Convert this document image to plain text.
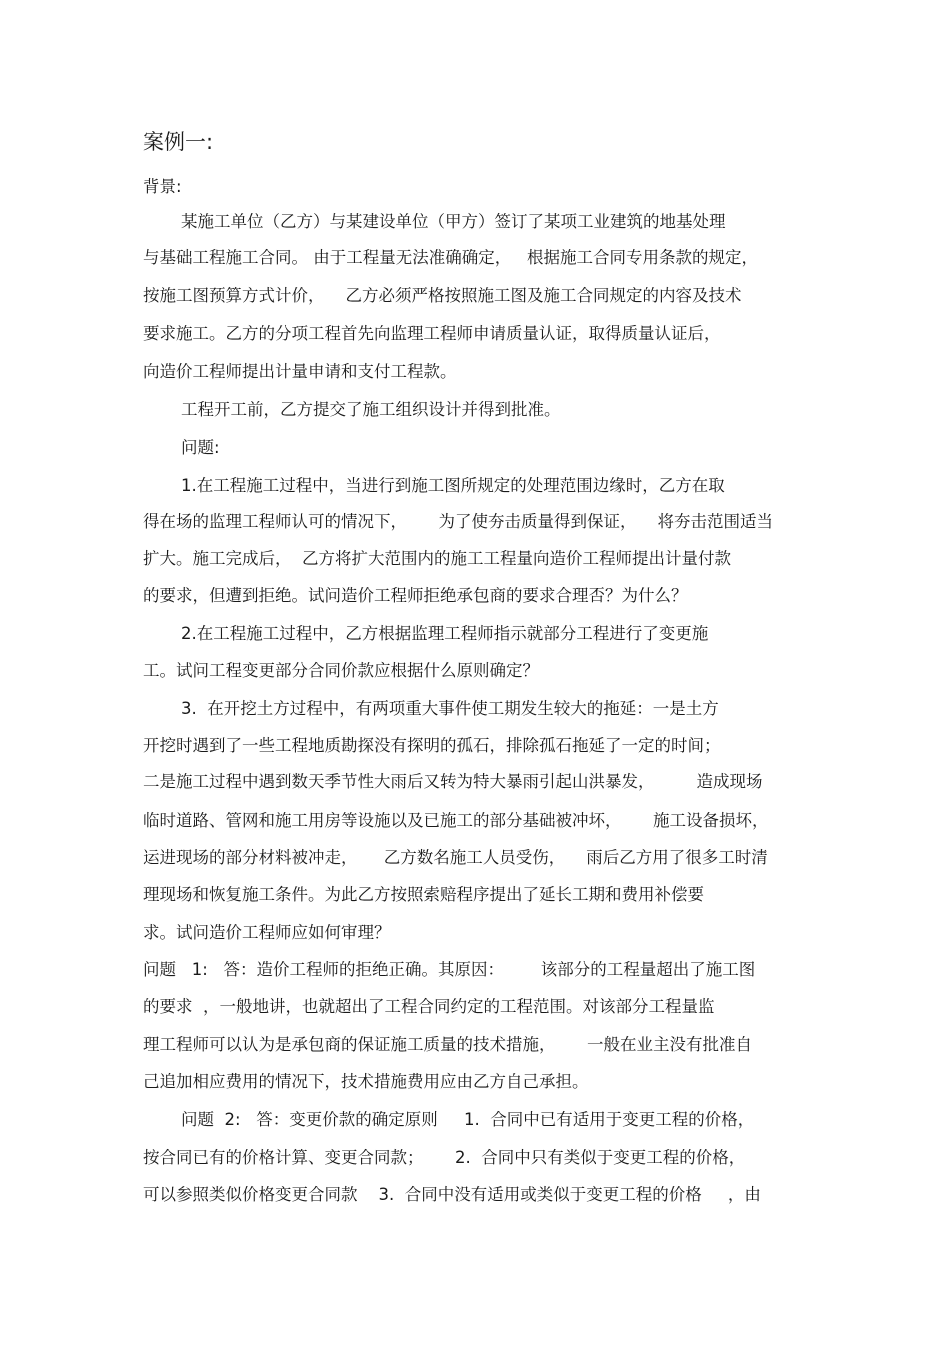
案例一:
背景:
某施工单位（乙方）与某建设单位（甲方）签订了某项工业建筑的地基处理
与基础工程施工合同。 由于工程量无法准确确定，   根据施工合同专用条款的规定，
按施工图预算方式计价，    乙方必须严格按照施工图及施工合同规定的内容及技术
要求施工。乙方的分项工程首先向监理工程师申请质量认证，取得质量认证后，
向造价工程师提出计量申请和支付工程款。
工程开工前，乙方提交了施工组织设计并得到批准。
问题:
1.在工程施工过程中，当进行到施工图所规定的处理范围边缘时，乙方在取
得在场的监理工程师认可的情况下，      为了使夯击质量得到保证，    将夯击范围适当
扩大。施工完成后，  乙方将扩大范围内的施工工程量向造价工程师提出计量付款
的要求，但遭到拒绝。试问造价工程师拒绝承包商的要求合理否？为什么？
2.在工程施工过程中，乙方根据监理工程师指示就部分工程进行了变更施
工。试问工程变更部分合同价款应根据什么原则确定？
3.  在开挖土方过程中，有两项重大事件使工期发生较大的拖延：一是土方
开挖时遇到了一些工程地质勘探没有探明的孤石，排除孤石拖延了一定的时间；
二是施工过程中遇到数天季节性大雨后又转为特大暴雨引起山洪暴发，        造成现场
临时道路、管网和施工用房等设施以及已施工的部分基础被冲坏，      施工设备损坏，
运进现场的部分材料被冲走，     乙方数名施工人员受伤，    雨后乙方用了很多工时清
理现场和恢复施工条件。为此乙方按照索赔程序提出了延长工期和费用补偿要
求。试问造价工程师应如何审理？
问题   1:   答：造价工程师的拒绝正确。其原因：       该部分的工程量超出了施工图
的要求  ，一般地讲，也就超出了工程合同约定的工程范围。对该部分工程量监
理工程师可以认为是承包商的保证施工质量的技术措施，      一般在业主没有批准自
己追加相应费用的情况下，技术措施费用应由乙方自己承担。
问题  2:   答：变更价款的确定原则     1.  合同中已有适用于变更工程的价格，
按合同已有的价格计算、变更合同款；      2.  合同中只有类似于变更工程的价格，
可以参照类似价格变更合同款    3.  合同中没有适用或类似于变更工程的价格     ，由
